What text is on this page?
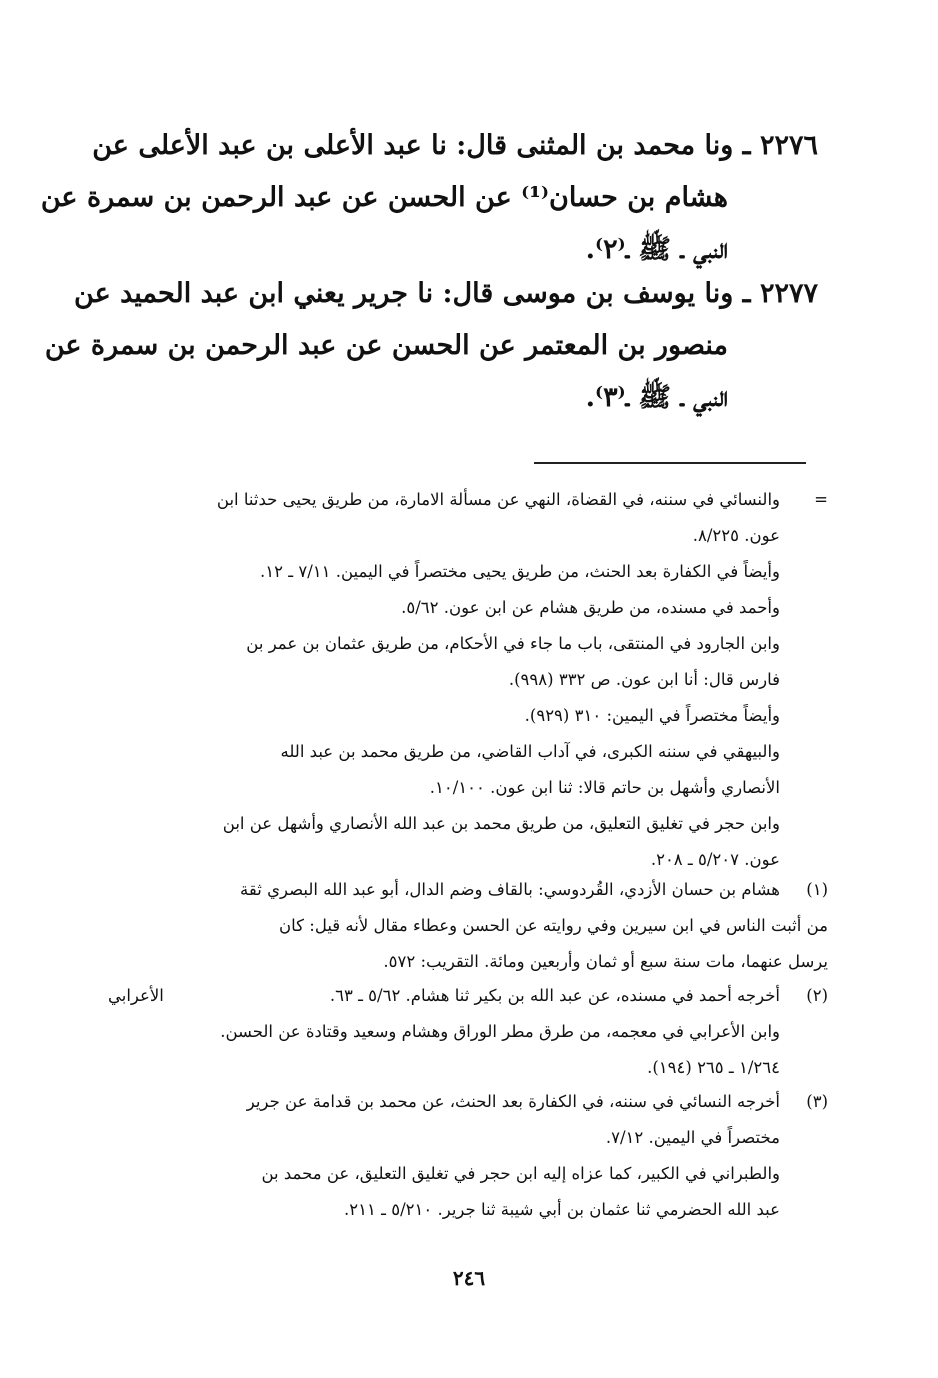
٢٢٧٦ ـ ونا محمد بن المثنى قال: نا عبد الأعلى بن عبد الأعلى عن
هشام بن حسان⁽¹⁾ عن الحسن عن عبد الرحمن بن سمرة عن
النبي ـ ﷺ ـ⁽٢⁾.
٢٢٧٧ ـ ونا يوسف بن موسى قال: نا جرير يعني ابن عبد الحميد عن
منصور بن المعتمر عن الحسن عن عبد الرحمن بن سمرة عن
النبي ـ ﷺ ـ⁽٣⁾.
=
والنسائي في سننه، في القضاة، النهي عن مسألة الامارة، من طريق يحيى حدثنا ابن
عون. ٨/٢٢٥.
وأيضاً في الكفارة بعد الحنث، من طريق يحيى مختصراً في اليمين. ٧/١١ ـ ١٢.
وأحمد في مسنده، من طريق هشام عن ابن عون. ٥/٦٢.
وابن الجارود في المنتقى، باب ما جاء في الأحكام، من طريق عثمان بن عمر بن
فارس قال: أنا ابن عون. ص ٣٣٢ (٩٩٨).
وأيضاً مختصراً في اليمين: ٣١٠ (٩٢٩).
والبيهقي في سننه الكبرى، في آداب القاضي، من طريق محمد بن عبد الله
الأنصاري وأشهل بن حاتم قالا: ثنا ابن عون. ١٠/١٠٠.
وابن حجر في تغليق التعليق، من طريق محمد بن عبد الله الأنصاري وأشهل عن ابن
عون. ٥/٢٠٧ ـ ٢٠٨.
(١)
هشام بن حسان الأزدي، القُردوسي: بالقاف وضم الدال، أبو عبد الله البصري ثقة
من أثبت الناس في ابن سيرين وفي روايته عن الحسن وعطاء مقال لأنه قيل: كان
يرسل عنهما، مات سنة سبع أو ثمان وأربعين ومائة. التقريب: ٥٧٢.
(٢)
أخرجه أحمد في مسنده، عن عبد الله بن بكير ثنا هشام. ٥/٦٢ ـ ٦٣.
الأعرابي
وابن الأعرابي في معجمه، من طرق مطر الوراق وهشام وسعيد وقتادة عن الحسن.
١/٢٦٤ ـ ٢٦٥ (١٩٤).
(٣)
أخرجه النسائي في سننه، في الكفارة بعد الحنث، عن محمد بن قدامة عن جرير
مختصراً في اليمين. ٧/١٢.
والطبراني في الكبير، كما عزاه إليه ابن حجر في تغليق التعليق، عن محمد بن
عبد الله الحضرمي ثنا عثمان بن أبي شيبة ثنا جرير. ٥/٢١٠ ـ ٢١١.
٢٤٦
